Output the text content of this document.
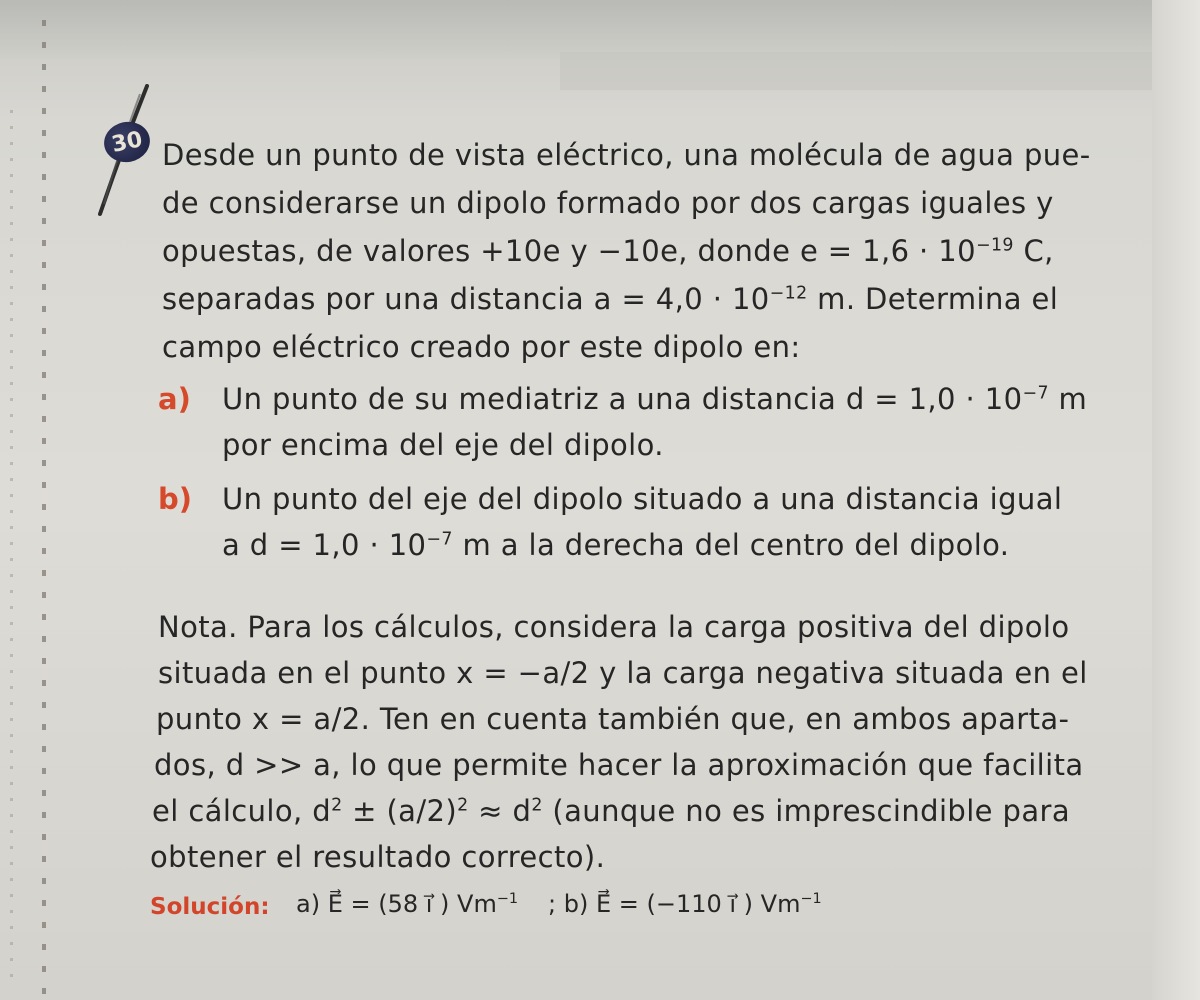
30 Desde un punto de vista eléctrico, una molécula de agua pue-
de considerarse un dipolo formado por dos cargas iguales y
opuestas, de valores +10e y −10e, donde $e = 1,6 \cdot 10^{-19}$ C,
separadas por una distancia $a = 4,0 \cdot 10^{-12}$ m. Determina el
campo eléctrico creado por este dipolo en:
a) Un punto de su mediatriz a una distancia $d = 1,0 \cdot 10^{-7}$ m
por encima del eje del dipolo.
b) Un punto del eje del dipolo situado a una distancia igual
a $d = 1,0 \cdot 10^{-7}$ m a la derecha del centro del dipolo.
Nota. Para los cálculos, considera la carga positiva del dipolo
situada en el punto x = −a/2 y la carga negativa situada en el
punto x = a/2. Ten en cuenta también que, en ambos aparta-
dos, d >> a, lo que permite hacer la aproximación que facilita
el cálculo, $d^2 \pm (a/2)^2 \approx d^2$ (aunque no es imprescindible para
obtener el resultado correcto).
Solución: a) E⃗ = (58 i⃗ ) $Vm^{-1}$ ; b) E⃗ = (−110 i⃗ ) $Vm^{-1}$
